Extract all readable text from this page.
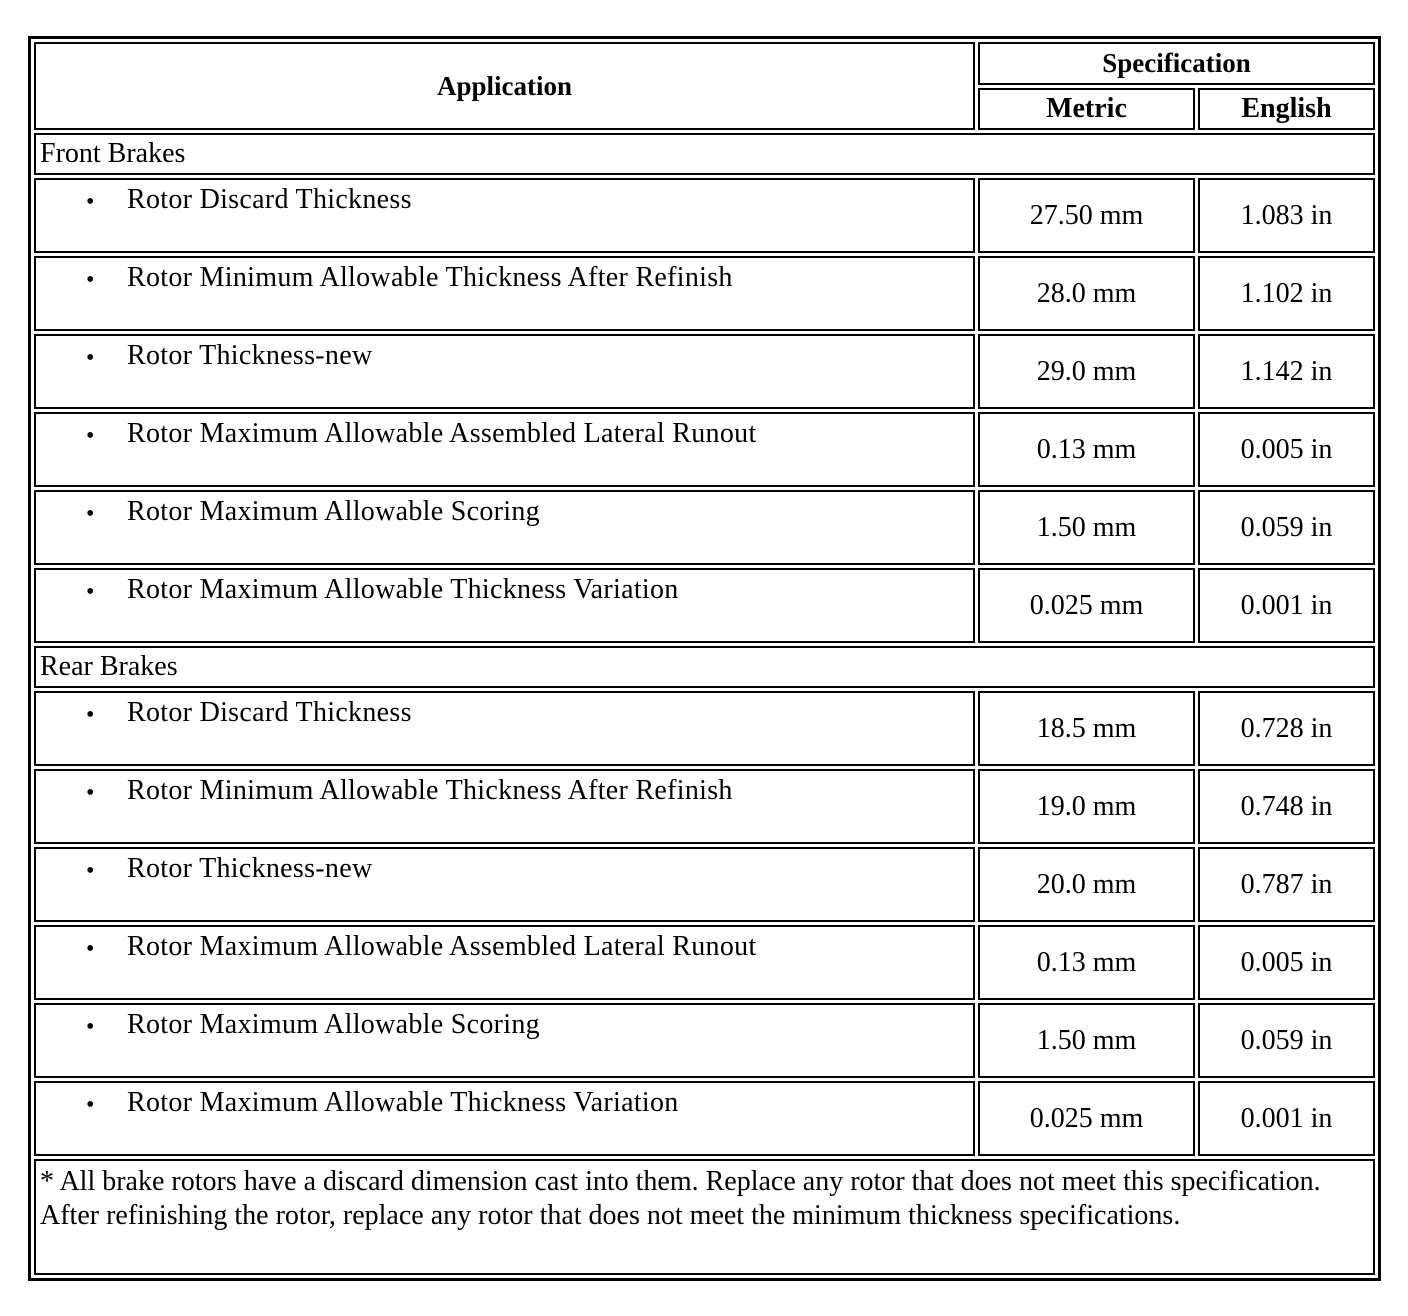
Application	Specification	
	Metric	English
Front Brakes		

• Rotor Discard Thickness	27.50 mm	1.083 in

• Rotor Minimum Allowable Thickness After Refinish	28.0 mm	1.102 in

• Rotor Thickness-new	29.0 mm	1.142 in

• Rotor Maximum Allowable Assembled Lateral Runout	0.13 mm	0.005 in

• Rotor Maximum Allowable Scoring	1.50 mm	0.059 in

• Rotor Maximum Allowable Thickness Variation	0.025 mm	0.001 in
Rear Brakes		

• Rotor Discard Thickness	18.5 mm	0.728 in

• Rotor Minimum Allowable Thickness After Refinish	19.0 mm	0.748 in

• Rotor Thickness-new	20.0 mm	0.787 in

• Rotor Maximum Allowable Assembled Lateral Runout	0.13 mm	0.005 in

• Rotor Maximum Allowable Scoring	1.50 mm	0.059 in

• Rotor Maximum Allowable Thickness Variation	0.025 mm	0.001 in
* All brake rotors have a discard dimension cast into them. Replace any rotor that does not meet this specification. After refinishing the rotor, replace any rotor that does not meet the minimum thickness specifications.		
